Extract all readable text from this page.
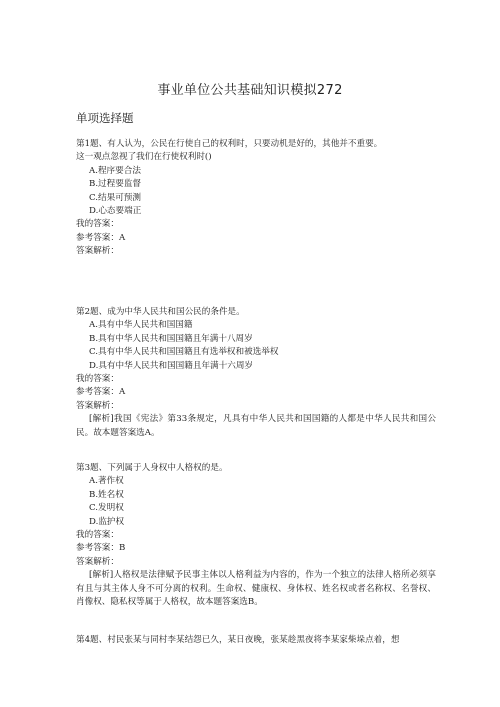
事业单位公共基础知识模拟272
单项选择题
第1题、有人认为，公民在行使自己的权利时，只要动机是好的，其他并不重要。
这一观点忽视了我们在行使权利时()
A.程序要合法
B.过程要监督
C.结果可预测
D.心态要端正
我的答案：
参考答案：A
答案解析：
第2题、成为中华人民共和国公民的条件是。
A.具有中华人民共和国国籍
B.具有中华人民共和国国籍且年满十八周岁
C.具有中华人民共和国国籍且有选举权和被选举权
D.具有中华人民共和国国籍且年满十六周岁
我的答案：
参考答案：A
答案解析：
[解析]我国《宪法》第33条规定，凡具有中华人民共和国国籍的人都是中华人民共和国公民。故本题答案选A。
第3题、下列属于人身权中人格权的是。
A.著作权
B.姓名权
C.发明权
D.监护权
我的答案：
参考答案：B
答案解析：
[解析]人格权是法律赋予民事主体以人格利益为内容的，作为一个独立的法律人格所必须享有且与其主体人身不可分离的权利。生命权、健康权、身体权、姓名权或者名称权、名誉权、肖像权、隐私权等属于人格权，故本题答案选B。
第4题、村民张某与同村李某结怨已久，某日夜晚，张某趁黑夜将李某家柴垛点着，想
